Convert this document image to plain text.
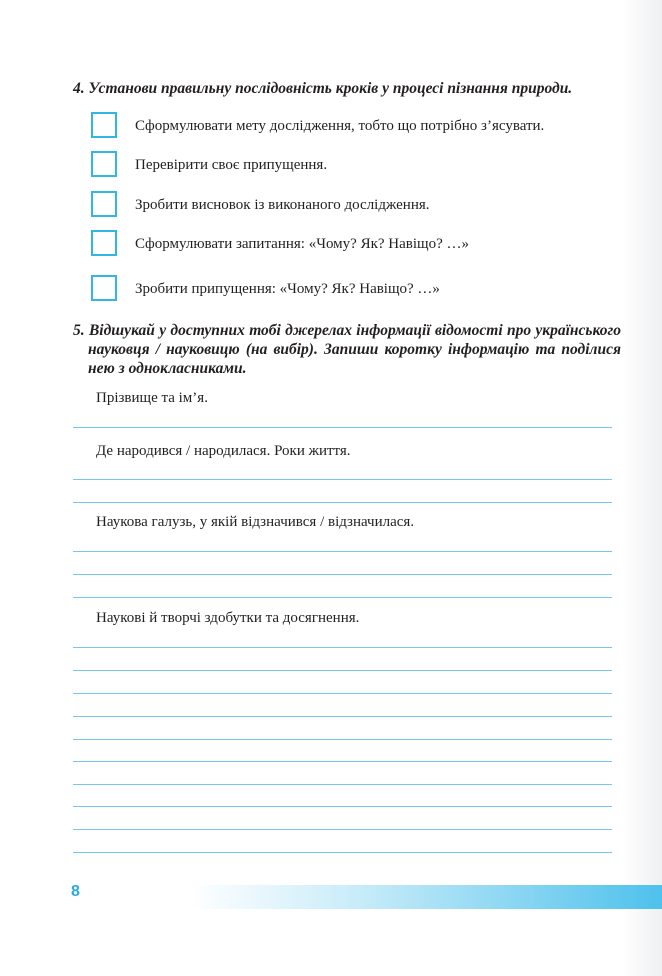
4. Установи правильну послідовність кроків у процесі пізнання природи.

Сформулювати мету дослідження, тобто що потрібно з’ясувати.
Перевірити своє припущення.
Зробити висновок із виконаного дослідження.
Сформулювати запитання: «Чому? Як? Навіщо? …»
Зробити припущення: «Чому? Як? Навіщо? …»

5. Відшукай у доступних тобі джерелах інформації відомості про українського науковця / науковицю (на вибір). Запиши коротку інформацію та поділися нею з однокласниками.

Прізвище та ім’я.
Де народився / народилася. Роки життя.
Наукова галузь, у якій відзначився / відзначилася.
Наукові й творчі здобутки та досягнення.
8
